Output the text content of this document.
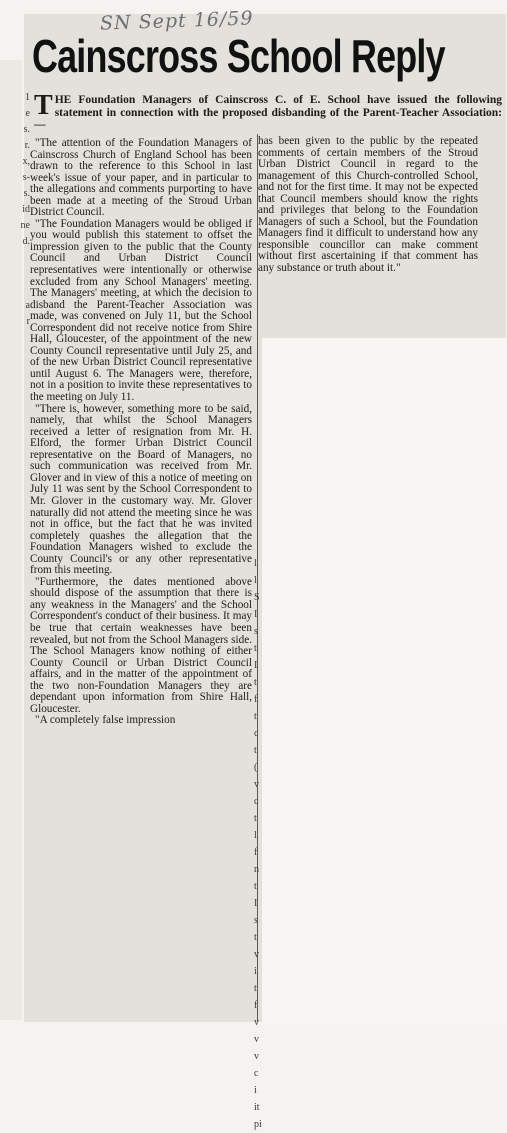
1
e
s.
r.
x,
s-
s.
id
ne
d.

a
r
SN Sept 16/59
Cainscross School Reply
THE Foundation Managers of Cainscross C. of E. School have issued the following statement in connection with the proposed disbanding of the Parent-Teacher Association:—

"The attention of the Foundation Managers of Cainscross Church of England School has been drawn to the reference to this School in last week's issue of your paper, and in particular to the allegations and comments purporting to have been made at a meeting of the Stroud Urban District Council.

"The Foundation Managers would be obliged if you would publish this statement to offset the impression given to the public that the County Council and Urban District Council representatives were intentionally or otherwise excluded from any School Managers' meeting. The Managers' meeting, at which the decision to disband the Parent-Teacher Association was made, was convened on July 11, but the School Correspondent did not receive notice from Shire Hall, Gloucester, of the appointment of the new County Council representative until July 25, and of the new Urban District Council representative until August 6. The Managers were, therefore, not in a position to invite these representatives to the meeting on July 11.

"There is, however, something more to be said, namely, that whilst the School Managers received a letter of resignation from Mr. H. Elford, the former Urban District Council representative on the Board of Managers, no such communication was received from Mr. Glover and in view of this a notice of meeting on July 11 was sent by the School Correspondent to Mr. Glover in the customary way. Mr. Glover naturally did not attend the meeting since he was not in office, but the fact that he was invited completely quashes the allegation that the Foundation Managers wished to exclude the County Council's or any other representative from this meeting.

"Furthermore, the dates mentioned above should dispose of the assumption that there is any weakness in the Managers' and the School Correspondent's conduct of their business. It may be true that certain weaknesses have been revealed, but not from the School Managers side. The School Managers know nothing of either County Council or Urban District Council affairs, and in the matter of the appointment of the two non-Foundation Managers they are dependant upon information from Shire Hall, Gloucester.

"A completely false impression

has been given to the public by the repeated comments of certain members of the Stroud Urban District Council in regard to the management of this Church-controlled School, and not for the first time. It may not be expected that Council members should know the rights and privileges that belong to the Foundation Managers of such a School, but the Foundation Managers find it difficult to understand how any responsible councillor can make comment without first ascertaining if that comment has any substance or truth about it."

l
l
S
I
s
t
I
t
f
t
c
t
(
v
c
t
l
f
n
t
I
s
t
v
i
t
f
v
v
v
c
i
it
pi
